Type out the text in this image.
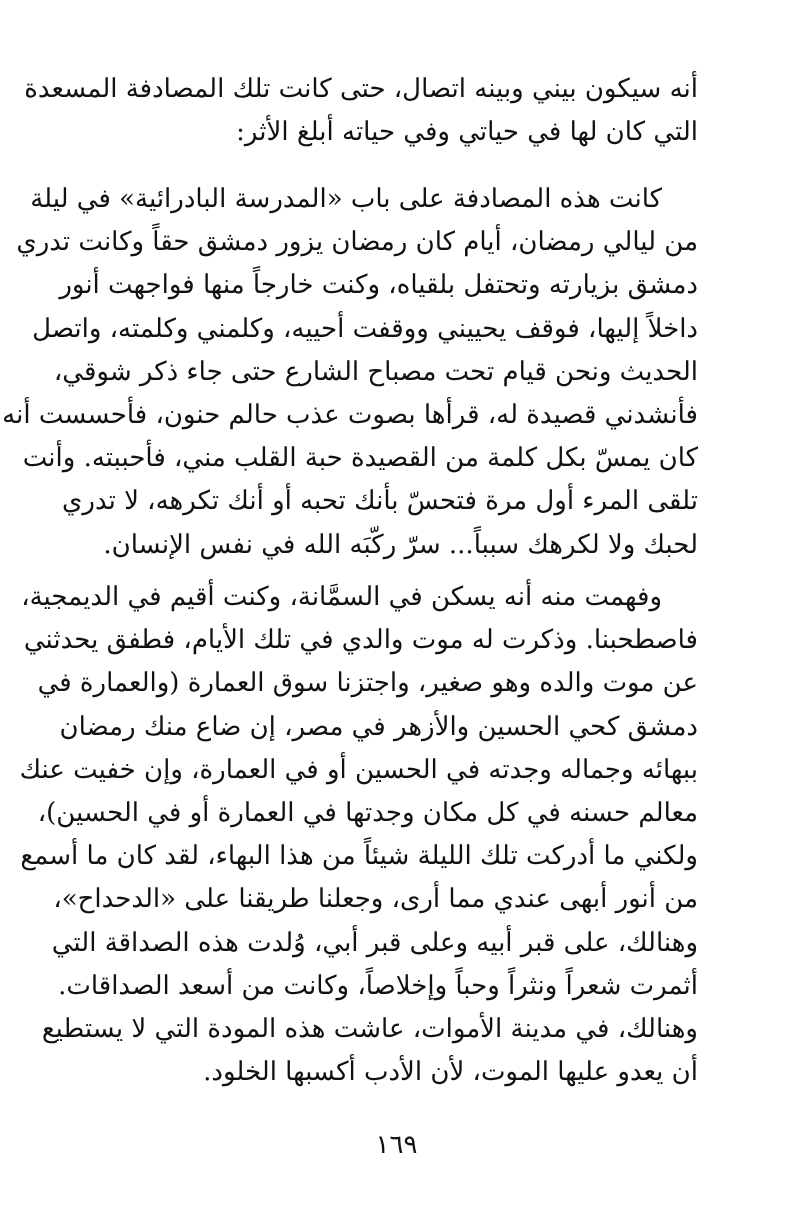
أنه سيكون بيني وبينه اتصال، حتى كانت تلك المصادفة المسعدة
التي كان لها في حياتي وفي حياته أبلغ الأثر:
كانت هذه المصادفة على باب «المدرسة البادرائية» في ليلة
من ليالي رمضان، أيام كان رمضان يزور دمشق حقاً وكانت تدري
دمشق بزيارته وتحتفل بلقياه، وكنت خارجاً منها فواجهت أنور
داخلاً إليها، فوقف يحييني ووقفت أحييه، وكلمني وكلمته، واتصل
الحديث ونحن قيام تحت مصباح الشارع حتى جاء ذكر شوقي،
فأنشدني قصيدة له، قرأها بصوت عذب حالم حنون، فأحسست أنه
كان يمسّ بكل كلمة من القصيدة حبة القلب مني، فأحببته. وأنت
تلقى المرء أول مرة فتحسّ بأنك تحبه أو أنك تكرهه، لا تدري
لحبك ولا لكرهك سبباً... سرّ ركّبَه الله في نفس الإنسان.
وفهمت منه أنه يسكن في السمَّانة، وكنت أقيم في الديمجية،
فاصطحبنا. وذكرت له موت والدي في تلك الأيام، فطفق يحدثني
عن موت والده وهو صغير، واجتزنا سوق العمارة (والعمارة في
دمشق كحي الحسين والأزهر في مصر، إن ضاع منك رمضان
ببهائه وجماله وجدته في الحسين أو في العمارة، وإن خفيت عنك
معالم حسنه في كل مكان وجدتها في العمارة أو في الحسين)،
ولكني ما أدركت تلك الليلة شيئاً من هذا البهاء، لقد كان ما أسمع
من أنور أبهى عندي مما أرى، وجعلنا طريقنا على «الدحداح»،
وهنالك، على قبر أبيه وعلى قبر أبي، وُلدت هذه الصداقة التي
أثمرت شعراً ونثراً وحباً وإخلاصاً، وكانت من أسعد الصداقات.
وهنالك، في مدينة الأموات، عاشت هذه المودة التي لا يستطيع
أن يعدو عليها الموت، لأن الأدب أكسبها الخلود.
١٦٩
